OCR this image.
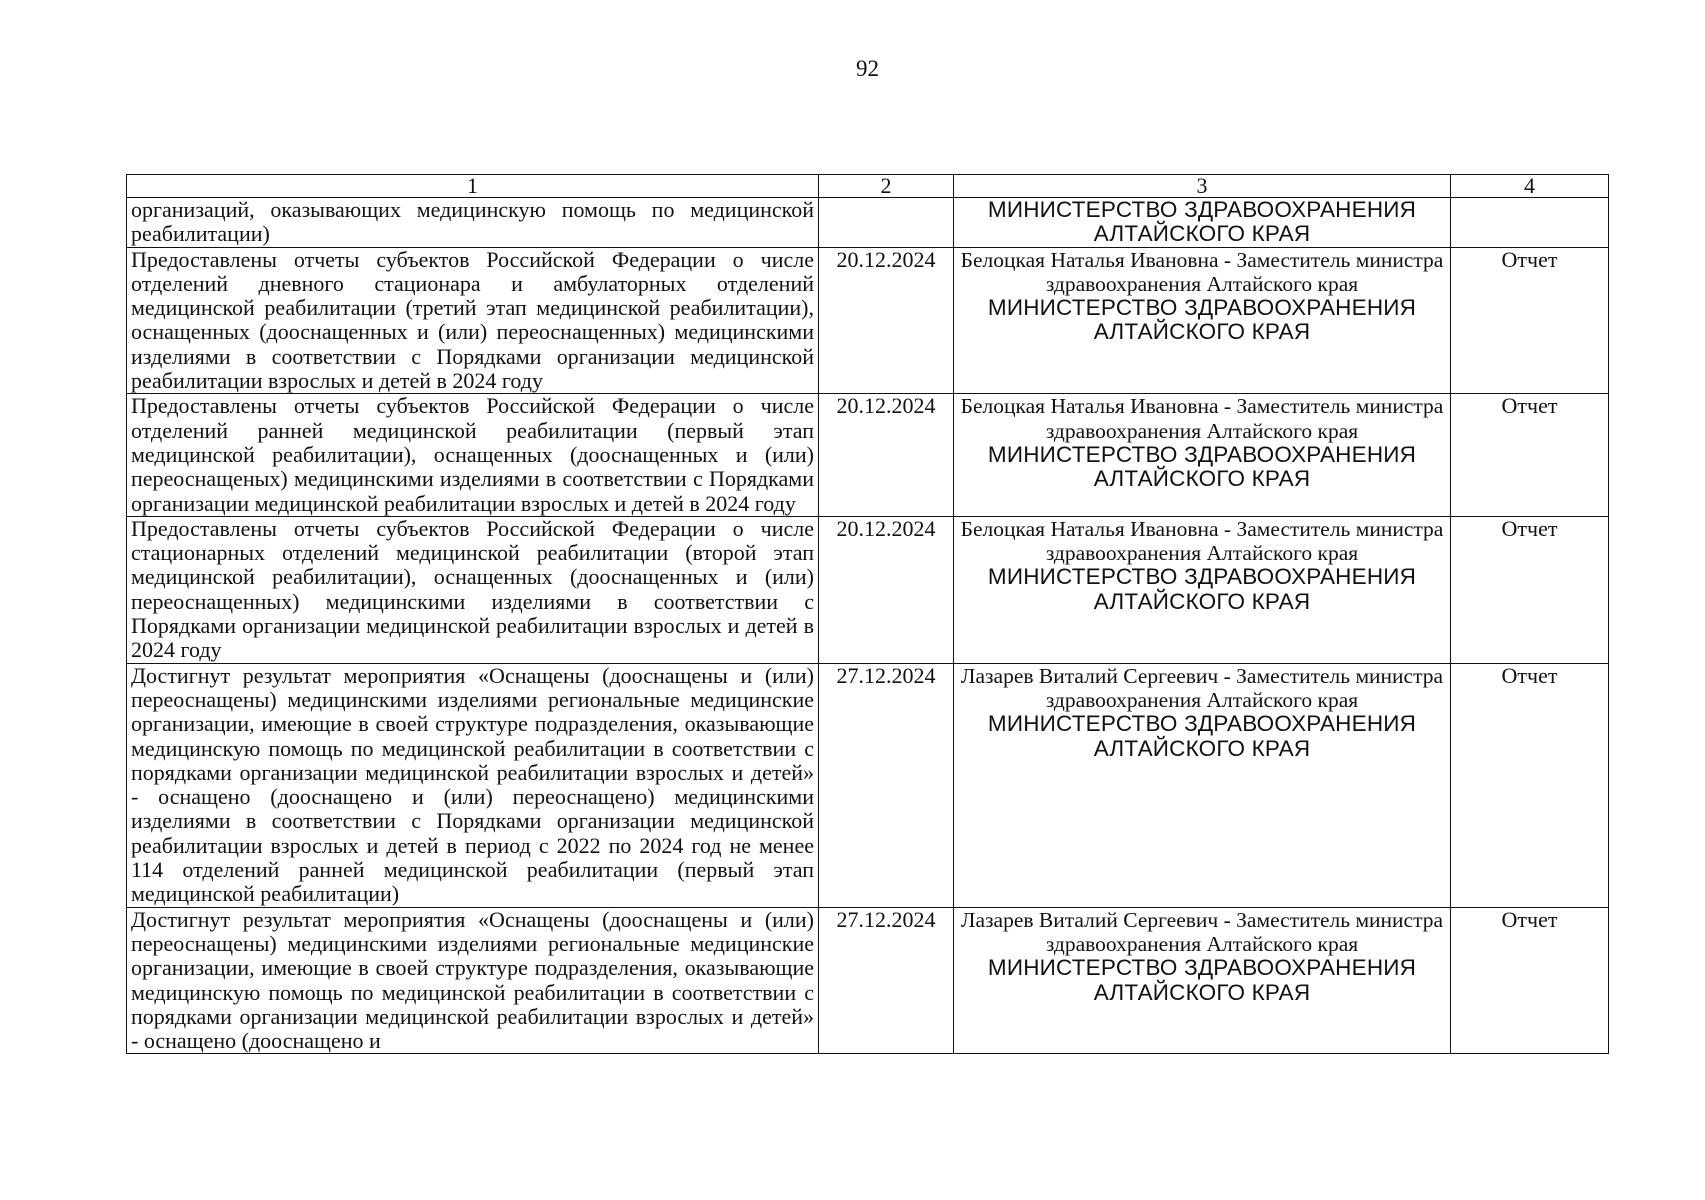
92
1	2	3	4
организаций, оказывающих медицинскую помощь по медицинской реабилитации)		МИНИСТЕРСТВО ЗДРАВООХРАНЕНИЯ АЛТАЙСКОГО КРАЯ	

Предоставлены отчеты субъектов Российской Федерации о числе отделений дневного стационара и амбулаторных отделений медицинской реабилитации (третий этап медицинской реабилитации), оснащенных (дооснащенных и (или) переоснащенных) медицинскими изделиями в соответствии с Порядками организации медицинской реабилитации взрослых и детей в 2024 году	20.12.2024	Белоцкая Наталья Ивановна - Заместитель министра здравоохранения Алтайского края
МИНИСТЕРСТВО ЗДРАВООХРАНЕНИЯ АЛТАЙСКОГО КРАЯ	Отчет
Предоставлены отчеты субъектов Российской Федерации о числе отделений ранней медицинской реабилитации (первый этап медицинской реабилитации), оснащенных (дооснащенных и (или) переоснащеных) медицинскими изделиями в соответствии с Порядками организации медицинской реабилитации взрослых и детей в 2024 году	20.12.2024	Белоцкая Наталья Ивановна - Заместитель министра здравоохранения Алтайского края
МИНИСТЕРСТВО ЗДРАВООХРАНЕНИЯ АЛТАЙСКОГО КРАЯ	Отчет
Предоставлены отчеты субъектов Российской Федерации о числе стационарных отделений медицинской реабилитации (второй этап медицинской реабилитации), оснащенных (дооснащенных и (или) переоснащенных) медицинскими изделиями в соответствии с Порядками организации медицинской реабилитации взрослых и детей в 2024 году	20.12.2024	Белоцкая Наталья Ивановна - Заместитель министра здравоохранения Алтайского края
МИНИСТЕРСТВО ЗДРАВООХРАНЕНИЯ АЛТАЙСКОГО КРАЯ	Отчет
Достигнут результат мероприятия «Оснащены (дооснащены и (или) переоснащены) медицинскими изделиями региональные медицинские организации, имеющие в своей структуре подразделения, оказывающие медицинскую помощь по медицинской реабилитации в соответствии с порядками организации медицинской реабилитации взрослых и детей» - оснащено (дооснащено и (или) переоснащено) медицинскими изделиями в соответствии с Порядками организации медицинской реабилитации взрослых и детей в период с 2022 по 2024 год не менее 114 отделений ранней медицинской реабилитации (первый этап медицинской реабилитации)	27.12.2024	Лазарев Виталий Сергеевич - Заместитель министра здравоохранения Алтайского края
МИНИСТЕРСТВО ЗДРАВООХРАНЕНИЯ АЛТАЙСКОГО КРАЯ	Отчет
Достигнут результат мероприятия «Оснащены (дооснащены и (или) переоснащены) медицинскими изделиями региональные медицинские организации, имеющие в своей структуре подразделения, оказывающие медицинскую помощь по медицинской реабилитации в соответствии с порядками организации медицинской реабилитации взрослых и детей» - оснащено (дооснащено и	27.12.2024	Лазарев Виталий Сергеевич - Заместитель министра здравоохранения Алтайского края
МИНИСТЕРСТВО ЗДРАВООХРАНЕНИЯ АЛТАЙСКОГО КРАЯ	Отчет
